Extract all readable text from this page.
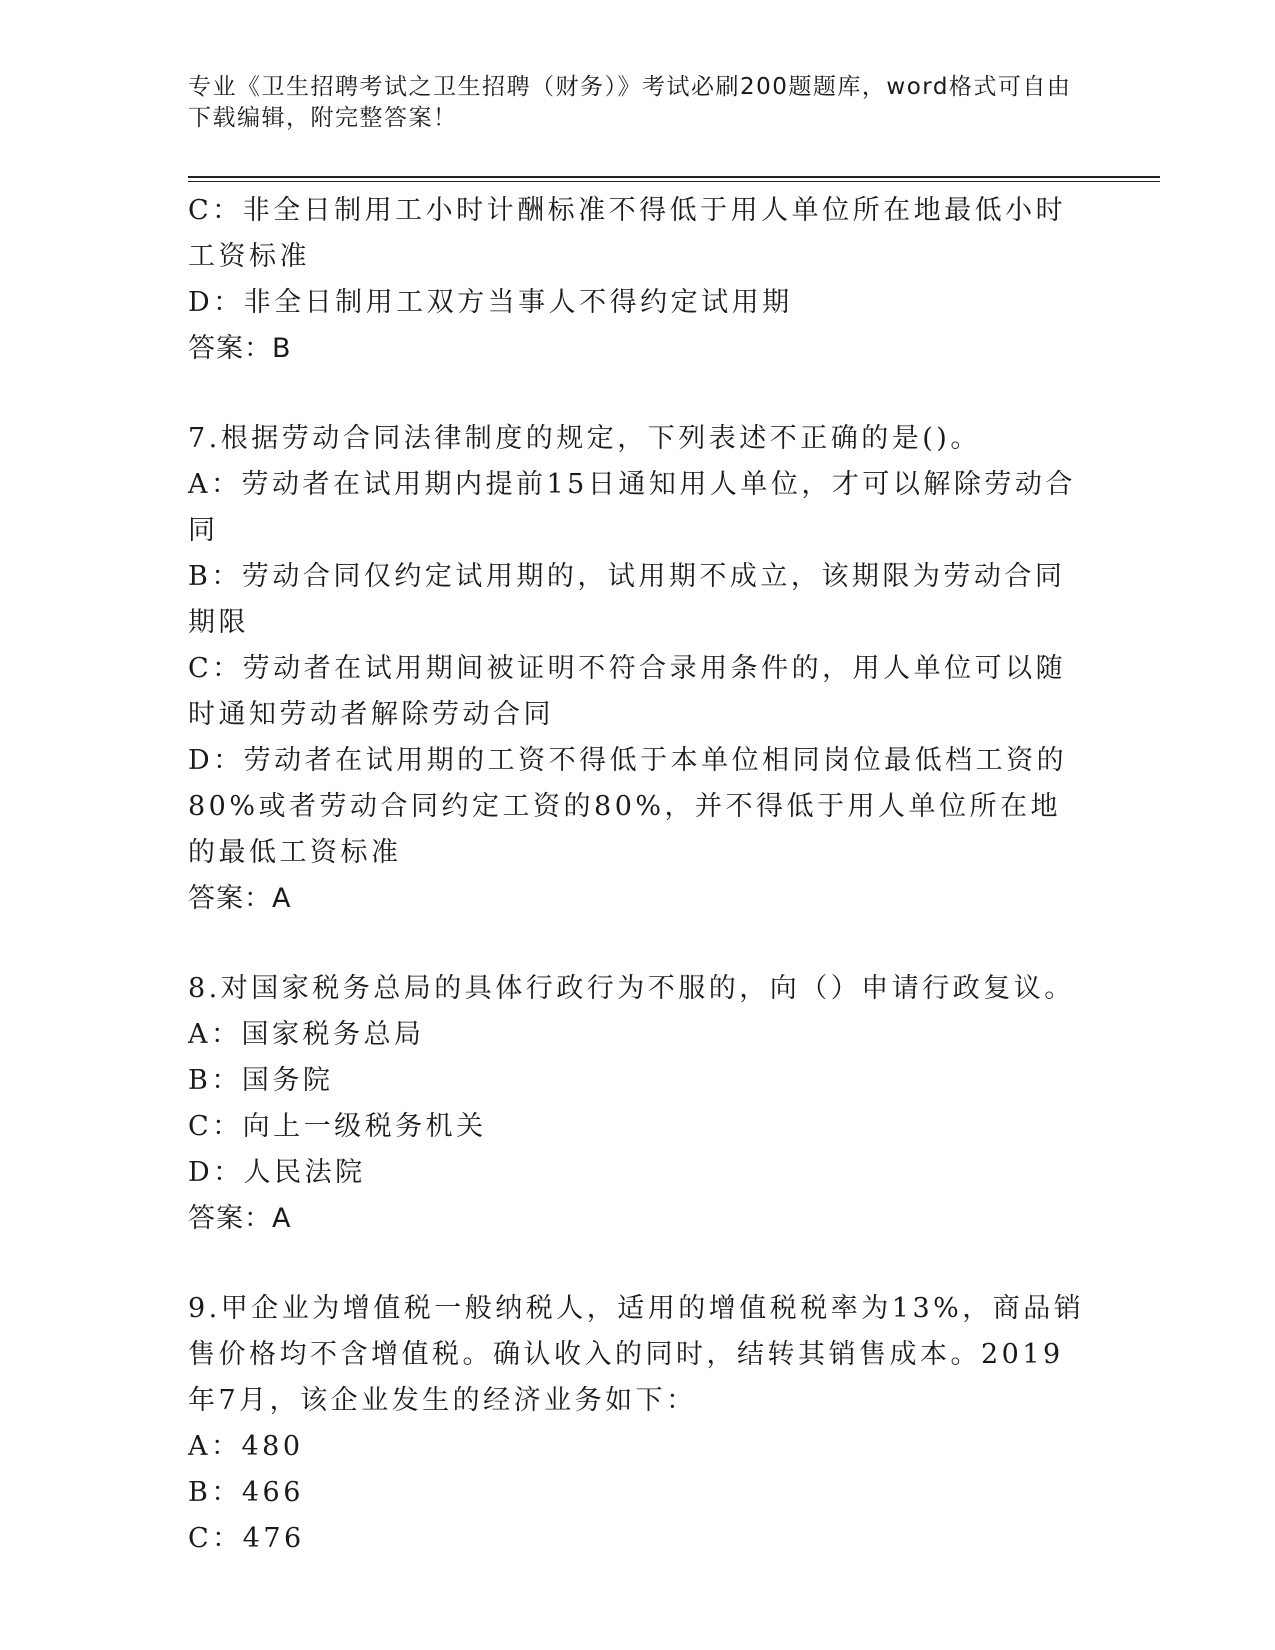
专业《卫生招聘考试之卫生招聘（财务）》考试必刷200题题库，word格式可自由下载编辑，附完整答案！

C：非全日制用工小时计酬标准不得低于用人单位所在地最低小时工资标准

D：非全日制用工双方当事人不得约定试用期

答案：B

7.根据劳动合同法律制度的规定，下列表述不正确的是()。

A：劳动者在试用期内提前15日通知用人单位，才可以解除劳动合同

B：劳动合同仅约定试用期的，试用期不成立，该期限为劳动合同期限

C：劳动者在试用期间被证明不符合录用条件的，用人单位可以随时通知劳动者解除劳动合同

D：劳动者在试用期的工资不得低于本单位相同岗位最低档工资的80%或者劳动合同约定工资的80%，并不得低于用人单位所在地的最低工资标准

答案：A

8.对国家税务总局的具体行政行为不服的，向（）申请行政复议。

A：国家税务总局

B：国务院

C：向上一级税务机关

D：人民法院

答案：A

9.甲企业为增值税一般纳税人，适用的增值税税率为13%，商品销售价格均不含增值税。确认收入的同时，结转其销售成本。2019年7月，该企业发生的经济业务如下：

A：480

B：466

C：476
